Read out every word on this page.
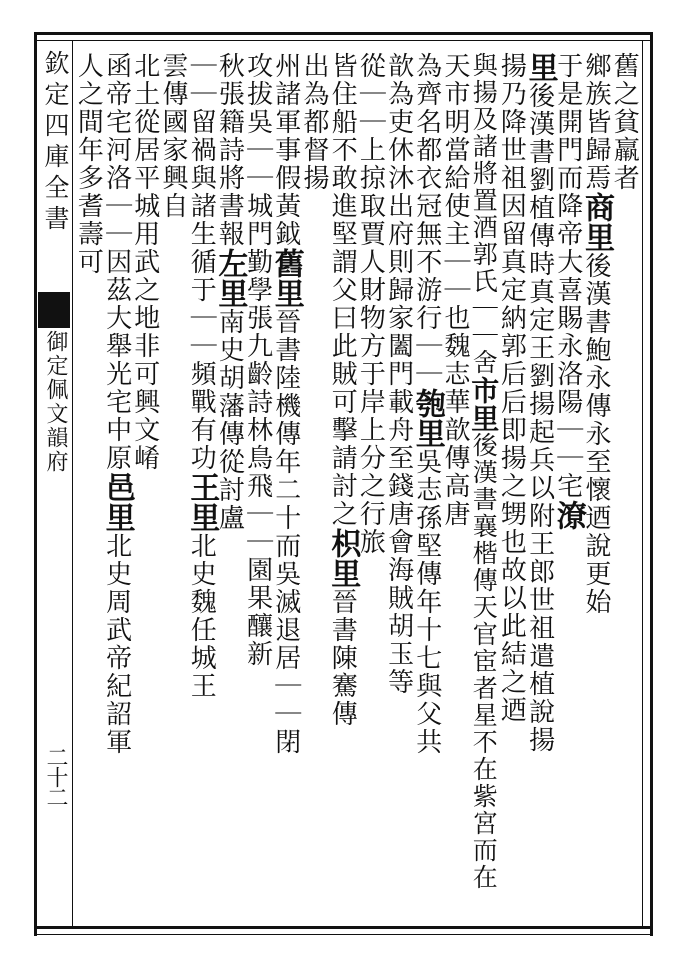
欽定四庫全書
御定佩文韻府
二十二
舊之貧羸者
鄉族皆歸焉商里後漢書鮑永傳永至懷迺說更始
于是開門而降帝大喜賜永洛陽｜｜宅潦
里後漢書劉植傳時真定王劉揚起兵以附王郎世祖遣植說揚
揚乃降世祖因留真定納郭后后即揚之甥也故以此結之迺
與揚及諸將置酒郭氏｜｜舍市里後漢書襄楷傳天官宦者星不在紫宮而在
天市明當給使主｜｜也魏志華歆傳高唐
為齊名都衣冠無不游行｜｜匏里吳志孫堅傳年十七與父共
歆為吏休沐出府則歸家闔門載舟至錢唐會海賊胡玉等
從｜｜上掠取賈人財物方于岸上分之行旅
皆住船不敢進堅謂父曰此賊可擊請討之枳里晉書陳騫傳
出為都督揚
州諸軍事假黃鉞舊里晉書陸機傳年二十而吳滅退居｜｜閉
攻拔吳｜｜城門勤學張九齡詩林鳥飛｜｜園果釀新
秋張籍詩將書報左里南史胡藩傳從討盧
｜｜留禍與諸生循于｜｜頻戰有功王里北史魏任城王
雲傳國家興自
北土從居平城用武之地非可興文崤
函帝宅河洛｜｜因茲大舉光宅中原邑里北史周武帝紀詔軍
人之間年多耆壽可
